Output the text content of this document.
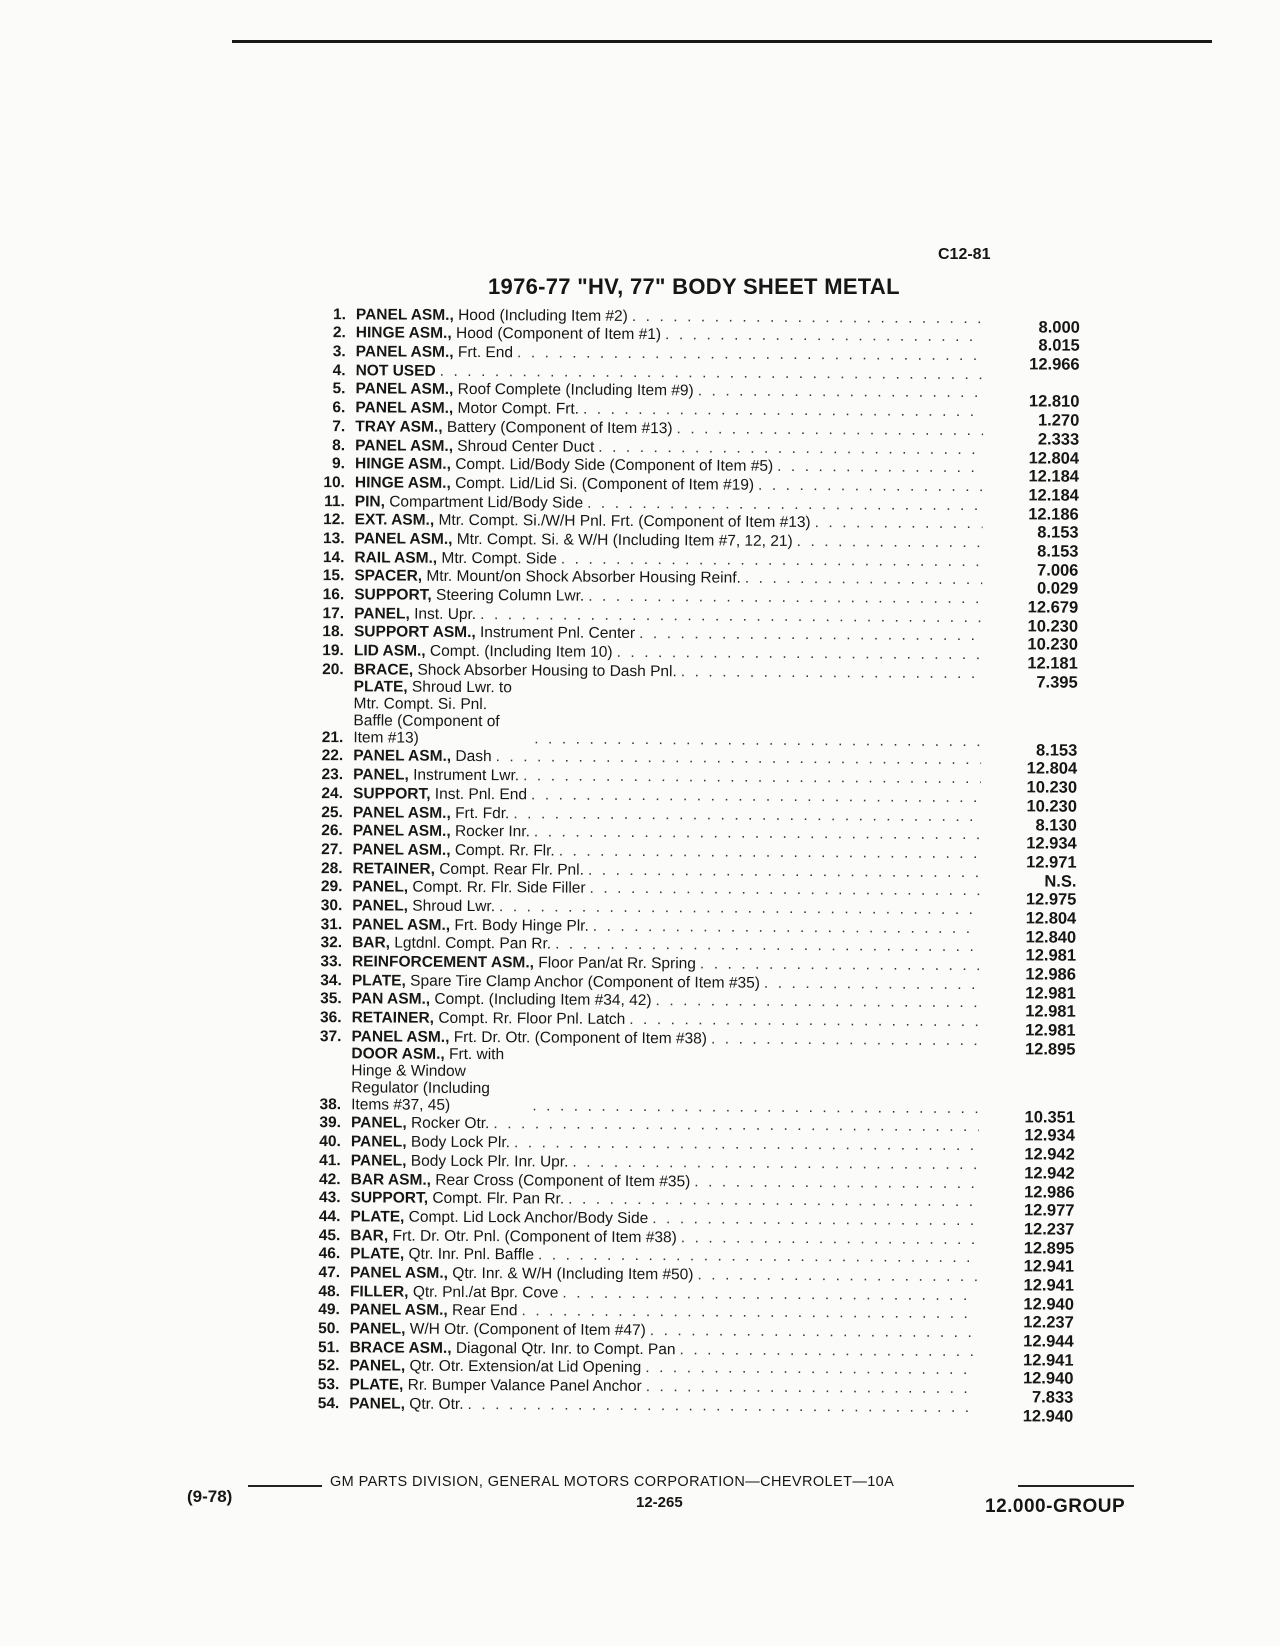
C12-81
1976-77 "HV, 77" BODY SHEET METAL
1. PANEL ASM., Hood (Including Item #2)
. . .
8.000
2. HINGE ASM., Hood (Component of Item #1)
. . .
8.015
3. PANEL ASM., Frt. End
. . .
12.966
4. NOT USED
. . .
5. PANEL ASM., Roof Complete (Including Item #9)
. . .
12.810
6. PANEL ASM., Motor Compt. Frt.
. . .
1.270
7. TRAY ASM., Battery (Component of Item #13)
. . .
2.333
8. PANEL ASM., Shroud Center Duct
. . .
12.804
9. HINGE ASM., Compt. Lid/Body Side (Component of Item #5)
. . .
12.184
10. HINGE ASM., Compt. Lid/Lid Si. (Component of Item #19)
. . .
12.184
11. PIN, Compartment Lid/Body Side
. . .
12.186
12. EXT. ASM., Mtr. Compt. Si./W/H Pnl. Frt. (Component of Item #13)
. . .
8.153
13. PANEL ASM., Mtr. Compt. Si. & W/H (Including Item #7, 12, 21)
. . .
8.153
14. RAIL ASM., Mtr. Compt. Side
. . .
7.006
15. SPACER, Mtr. Mount/on Shock Absorber Housing Reinf.
. . .
0.029
16. SUPPORT, Steering Column Lwr.
. . .
12.679
17. PANEL, Inst. Upr.
. . .
10.230
18. SUPPORT ASM., Instrument Pnl. Center
. . .
10.230
19. LID ASM., Compt. (Including Item 10)
. . .
12.181
20. BRACE, Shock Absorber Housing to Dash Pnl.
. . .
7.395
21.
PLATE, Shroud Lwr. to Mtr. Compt. Si. Pnl. Baffle (Component of Item #13)
. . .
8.153
22. PANEL ASM., Dash
. . .
12.804
23. PANEL, Instrument Lwr.
. . .
10.230
24. SUPPORT, Inst. Pnl. End
. . .
10.230
25. PANEL ASM., Frt. Fdr.
. . .
8.130
26. PANEL ASM., Rocker Inr.
. . .
12.934
27. PANEL ASM., Compt. Rr. Flr.
. . .
12.971
28. RETAINER, Compt. Rear Flr. Pnl.
. . .
N.S.
29. PANEL, Compt. Rr. Flr. Side Filler
. . .
12.975
30. PANEL, Shroud Lwr.
. . .
12.804
31. PANEL ASM., Frt. Body Hinge Plr.
. . .
12.840
32. BAR, Lgtdnl. Compt. Pan Rr.
. . .
12.981
33. REINFORCEMENT ASM., Floor Pan/at Rr. Spring
. . .
12.986
34. PLATE, Spare Tire Clamp Anchor (Component of Item #35)
. . .
12.981
35. PAN ASM., Compt. (Including Item #34, 42)
. . .
12.981
36. RETAINER, Compt. Rr. Floor Pnl. Latch
. . .
12.981
37. PANEL ASM., Frt. Dr. Otr. (Component of Item #38)
. . .
12.895
38.
DOOR ASM., Frt. with Hinge & Window Regulator (Including Items #37, 45)
. . .
10.351
39. PANEL, Rocker Otr.
. . .
12.934
40. PANEL, Body Lock Plr.
. . .
12.942
41. PANEL, Body Lock Plr. Inr. Upr.
. . .
12.942
42. BAR ASM., Rear Cross (Component of Item #35)
. . .
12.986
43. SUPPORT, Compt. Flr. Pan Rr.
. . .
12.977
44. PLATE, Compt. Lid Lock Anchor/Body Side
. . .
12.237
45. BAR, Frt. Dr. Otr. Pnl. (Component of Item #38)
. . .
12.895
46. PLATE, Qtr. Inr. Pnl. Baffle
. . .
12.941
47. PANEL ASM., Qtr. Inr. & W/H (Including Item #50)
. . .
12.941
48. FILLER, Qtr. Pnl./at Bpr. Cove
. . .
12.940
49. PANEL ASM., Rear End
. . .
12.237
50. PANEL, W/H Otr. (Component of Item #47)
. . .
12.944
51. BRACE ASM., Diagonal Qtr. Inr. to Compt. Pan
. . .
12.941
52. PANEL, Qtr. Otr. Extension/at Lid Opening
. . .
12.940
53. PLATE, Rr. Bumper Valance Panel Anchor
. . .
7.833
54. PANEL, Qtr. Otr.
. . .
12.940
GM PARTS DIVISION, GENERAL MOTORS CORPORATION—CHEVROLET—10A
(9-78)	12-265	12.000-GROUP
